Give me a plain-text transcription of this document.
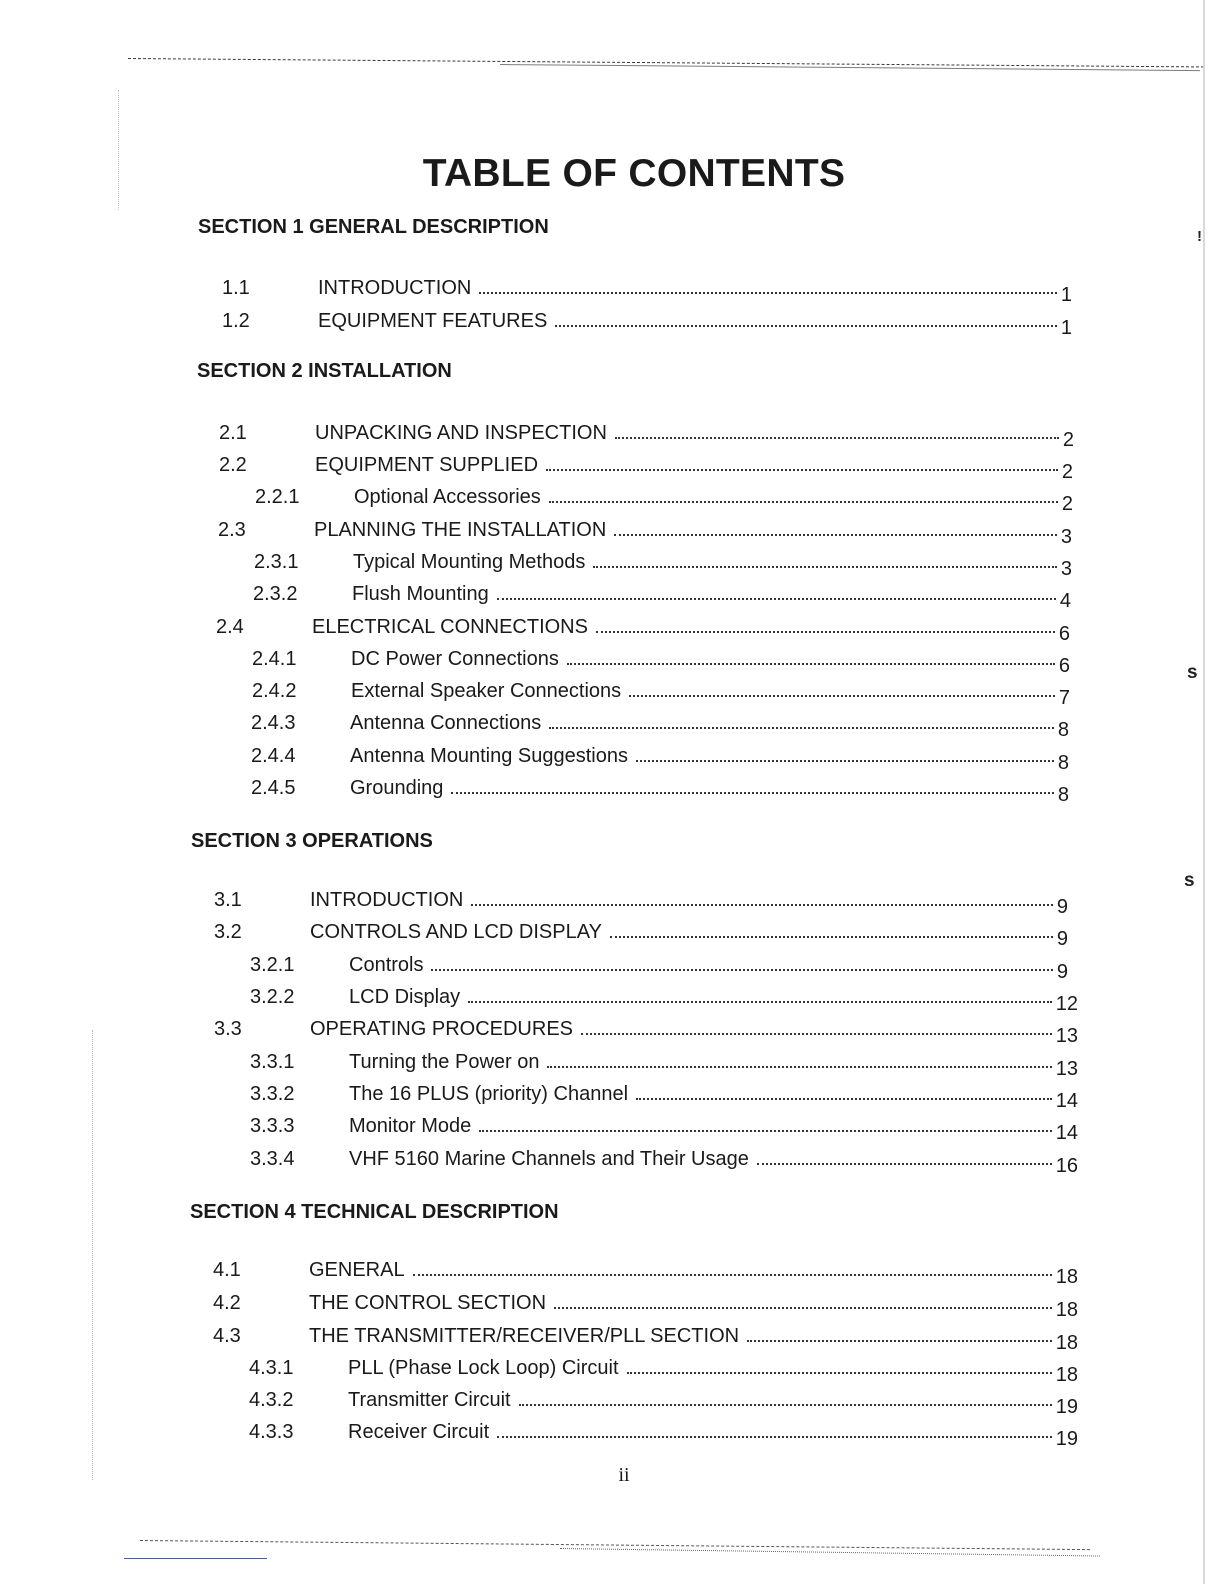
!
s
s
TABLE OF CONTENTS
SECTION 1 GENERAL DESCRIPTION
1.1	INTRODUCTION	1
1.2	EQUIPMENT FEATURES	1
SECTION 2 INSTALLATION
2.1	UNPACKING AND INSPECTION	2
2.2	EQUIPMENT SUPPLIED	2
2.2.1	Optional Accessories	2
2.3	PLANNING THE INSTALLATION	3
2.3.1	Typical Mounting Methods	3
2.3.2	Flush Mounting	4
2.4	ELECTRICAL CONNECTIONS	6
2.4.1	DC Power Connections	6
2.4.2	External Speaker Connections	7
2.4.3	Antenna Connections	8
2.4.4	Antenna Mounting Suggestions	8
2.4.5	Grounding	8
SECTION 3 OPERATIONS
3.1	INTRODUCTION	9
3.2	CONTROLS AND LCD DISPLAY	9
3.2.1	Controls	9
3.2.2	LCD Display	12
3.3	OPERATING PROCEDURES	13
3.3.1	Turning the Power on	13
3.3.2	The 16 PLUS (priority) Channel	14
3.3.3	Monitor Mode	14
3.3.4	VHF 5160 Marine Channels and Their Usage	16
SECTION 4 TECHNICAL DESCRIPTION
4.1	GENERAL	18
4.2	THE CONTROL SECTION	18
4.3	THE TRANSMITTER/RECEIVER/PLL SECTION	18
4.3.1	PLL (Phase Lock Loop) Circuit	18
4.3.2	Transmitter Circuit	19
4.3.3	Receiver Circuit	19
ii
